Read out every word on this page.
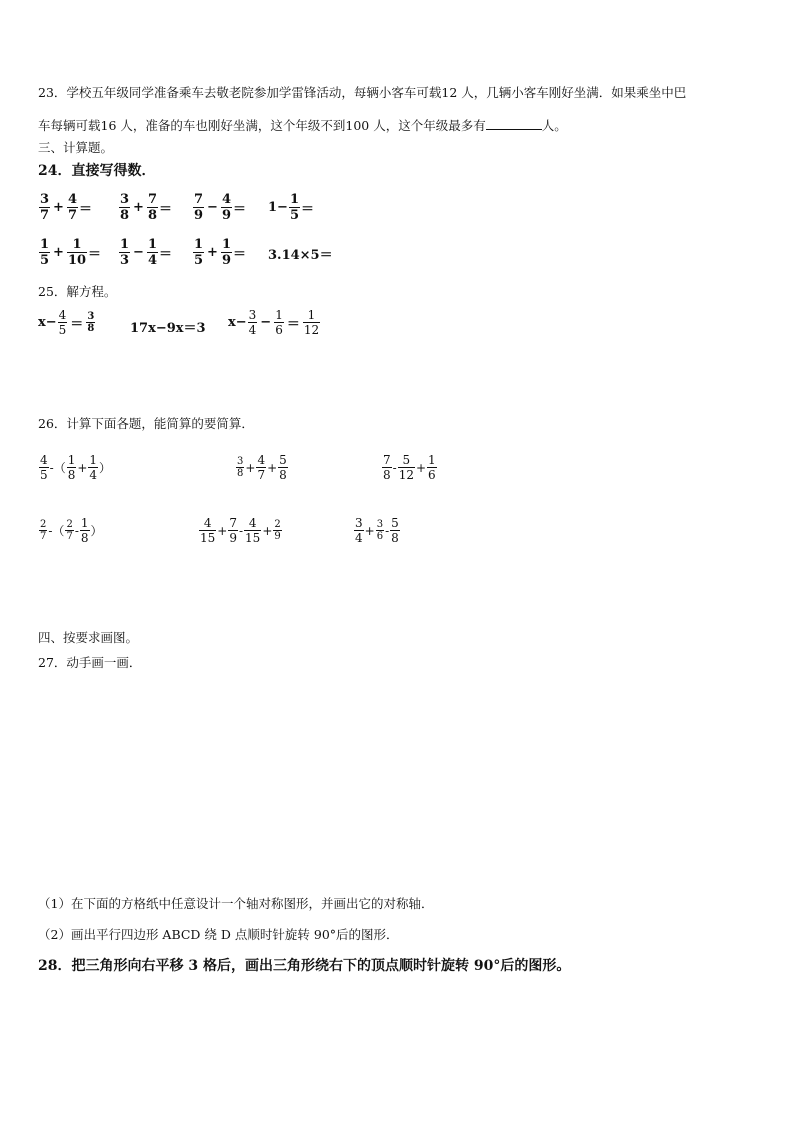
23．学校五年级同学准备乘车去敬老院参加学雷锋活动，每辆小客车可载12 人，几辆小客车刚好坐满．如果乘坐中巴
车每辆可载16 人，准备的车也刚好坐满，这个年级不到100 人，这个年级最多有	人。
三、计算题。
24．直接写得数．
$\frac{3}{7} + \frac{4}{7} = \frac{3}{8} + \frac{7}{8} = \frac{7}{9} - \frac{4}{9} = 1- \frac{1}{5}$ ＝
$\frac{1}{5} + \frac{1}{10} = \frac{1}{3} - \frac{1}{4} = \frac{1}{5} + \frac{1}{9} = 3.14\times 5=$
25．解方程。
$x- \frac{4}{5} = \frac{3}{8}$	17x−9x＝3 $x- \frac{3}{4} - \frac{1}{6} = \frac{1}{12}$
26．计算下面各题，能简算的要简算．
$\frac{4}{5}$ -（ $\frac{1}{8} + \frac{1}{4}$ ）	$\frac{3}{8} + \frac{4}{7} + \frac{5}{8}$	$\frac{7}{8} - \frac{5}{12} + \frac{1}{6}$
$\frac{2}{7}$ -（ $\frac{2}{7} - \frac{1}{8}$ ）	$\frac{4}{15} + \frac{7}{9} - \frac{4}{15} + \frac{2}{9}$	$\frac{3}{4} + \frac{3}{6} - \frac{5}{8}$
四、按要求画图。
27．动手画一画．
（1）在下面的方格纸中任意设计一个轴对称图形，并画出它的对称轴．
（2）画出平行四边形 ABCD 绕 D 点顺时针旋转 90°后的图形．
28．把三角形向右平移 3 格后，画出三角形绕右下的顶点顺时针旋转 90°后的图形。
